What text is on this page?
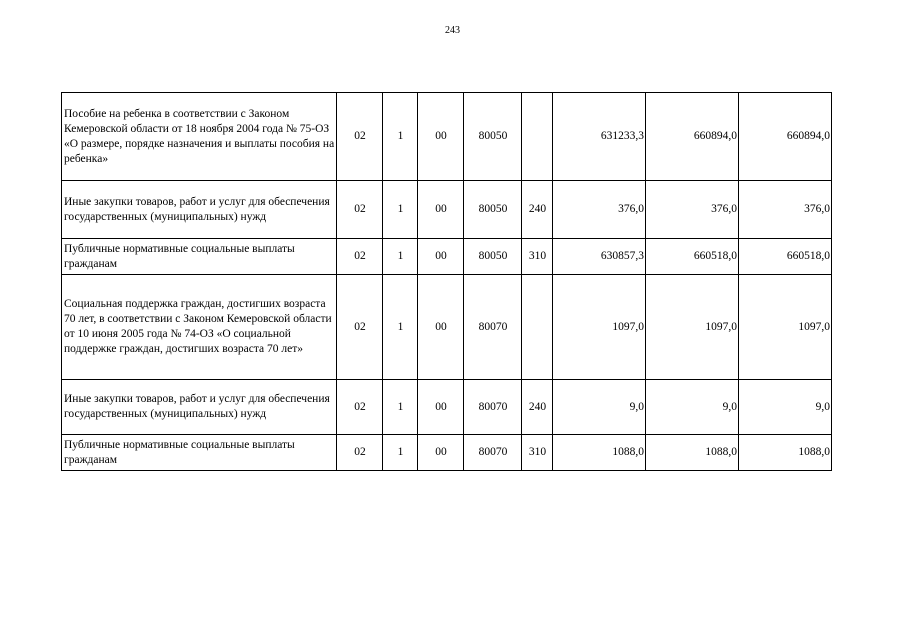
243
Пособие на ребенка в соответствии с Законом Кемеровской области от 18 ноября 2004 года № 75-ОЗ «О размере, порядке назначения и выплаты пособия на ребенка»	02	1	00	80050		631233,3	660894,0	660894,0
Иные закупки товаров, работ и услуг для обеспечения государственных (муниципальных) нужд	02	1	00	80050	240	376,0	376,0	376,0
Публичные нормативные социальные выплаты гражданам	02	1	00	80050	310	630857,3	660518,0	660518,0
Социальная поддержка граждан, достигших возраста 70 лет, в соответствии с Законом Кемеровской области от 10 июня 2005 года № 74-ОЗ «О социальной поддержке граждан, достигших возраста 70 лет»	02	1	00	80070		1097,0	1097,0	1097,0
Иные закупки товаров, работ и услуг для обеспечения государственных (муниципальных) нужд	02	1	00	80070	240	9,0	9,0	9,0
Публичные нормативные социальные выплаты гражданам	02	1	00	80070	310	1088,0	1088,0	1088,0
